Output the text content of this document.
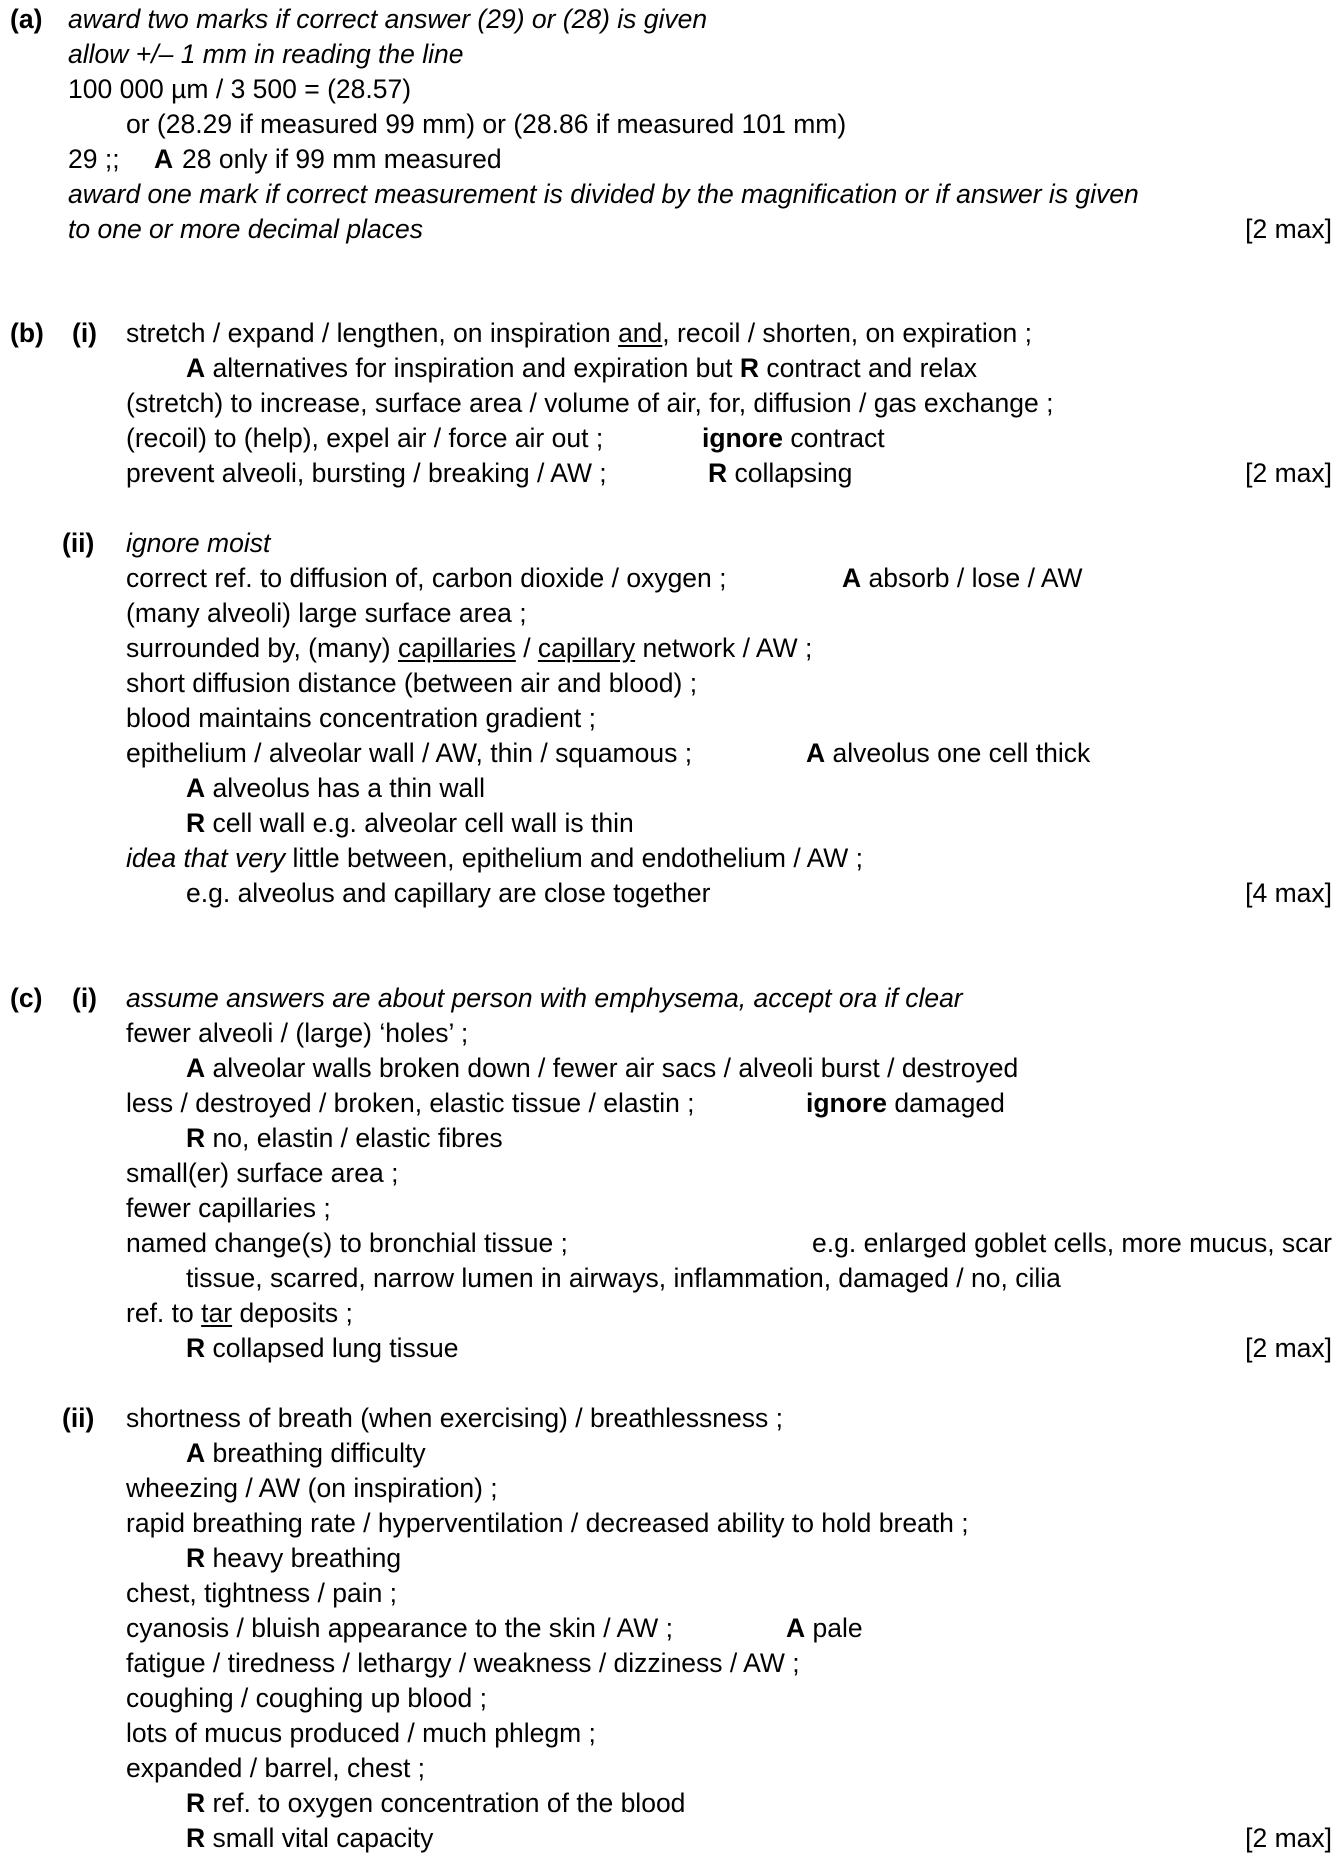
(a) award two marks if correct answer (29) or (28) is given
allow +/– 1 mm in reading the line
100 000 µm / 3 500 = (28.57)
or (28.29 if measured 99 mm) or (28.86 if measured 101 mm)
29 ;; A 28 only if 99 mm measured
award one mark if correct measurement is divided by the magnification or if answer is given
to one or more decimal places	[2 max]
(b) (i) stretch / expand / lengthen, on inspiration and, recoil / shorten, on expiration ;
A alternatives for inspiration and expiration but R contract and relax
(stretch) to increase, surface area / volume of air, for, diffusion / gas exchange ;
(recoil) to (help), expel air / force air out ;	ignore contract
prevent alveoli, bursting / breaking / AW ;	R collapsing	[2 max]
(ii) ignore moist
correct ref. to diffusion of, carbon dioxide / oxygen ;	A absorb / lose / AW
(many alveoli) large surface area ;
surrounded by, (many) capillaries / capillary network / AW ;
short diffusion distance (between air and blood) ;
blood maintains concentration gradient ;
epithelium / alveolar wall / AW, thin / squamous ;	A alveolus one cell thick
A alveolus has a thin wall
R cell wall e.g. alveolar cell wall is thin
idea that very little between, epithelium and endothelium / AW ;
e.g. alveolus and capillary are close together	[4 max]
(c) (i) assume answers are about person with emphysema, accept ora if clear
fewer alveoli / (large) ‘holes’ ;
A alveolar walls broken down / fewer air sacs / alveoli burst / destroyed
less / destroyed / broken, elastic tissue / elastin ;	ignore damaged
R no, elastin / elastic fibres
small(er) surface area ;
fewer capillaries ;
named change(s) to bronchial tissue ;	e.g. enlarged goblet cells, more mucus, scar
tissue, scarred, narrow lumen in airways, inflammation, damaged / no, cilia
ref. to tar deposits ;
R collapsed lung tissue	[2 max]
(ii) shortness of breath (when exercising) / breathlessness ;
A breathing difficulty
wheezing / AW (on inspiration) ;
rapid breathing rate / hyperventilation / decreased ability to hold breath ;
R heavy breathing
chest, tightness / pain ;
cyanosis / bluish appearance to the skin / AW ;	A pale
fatigue / tiredness / lethargy / weakness / dizziness / AW ;
coughing / coughing up blood ;
lots of mucus produced / much phlegm ;
expanded / barrel, chest ;
R ref. to oxygen concentration of the blood
R small vital capacity	[2 max]
